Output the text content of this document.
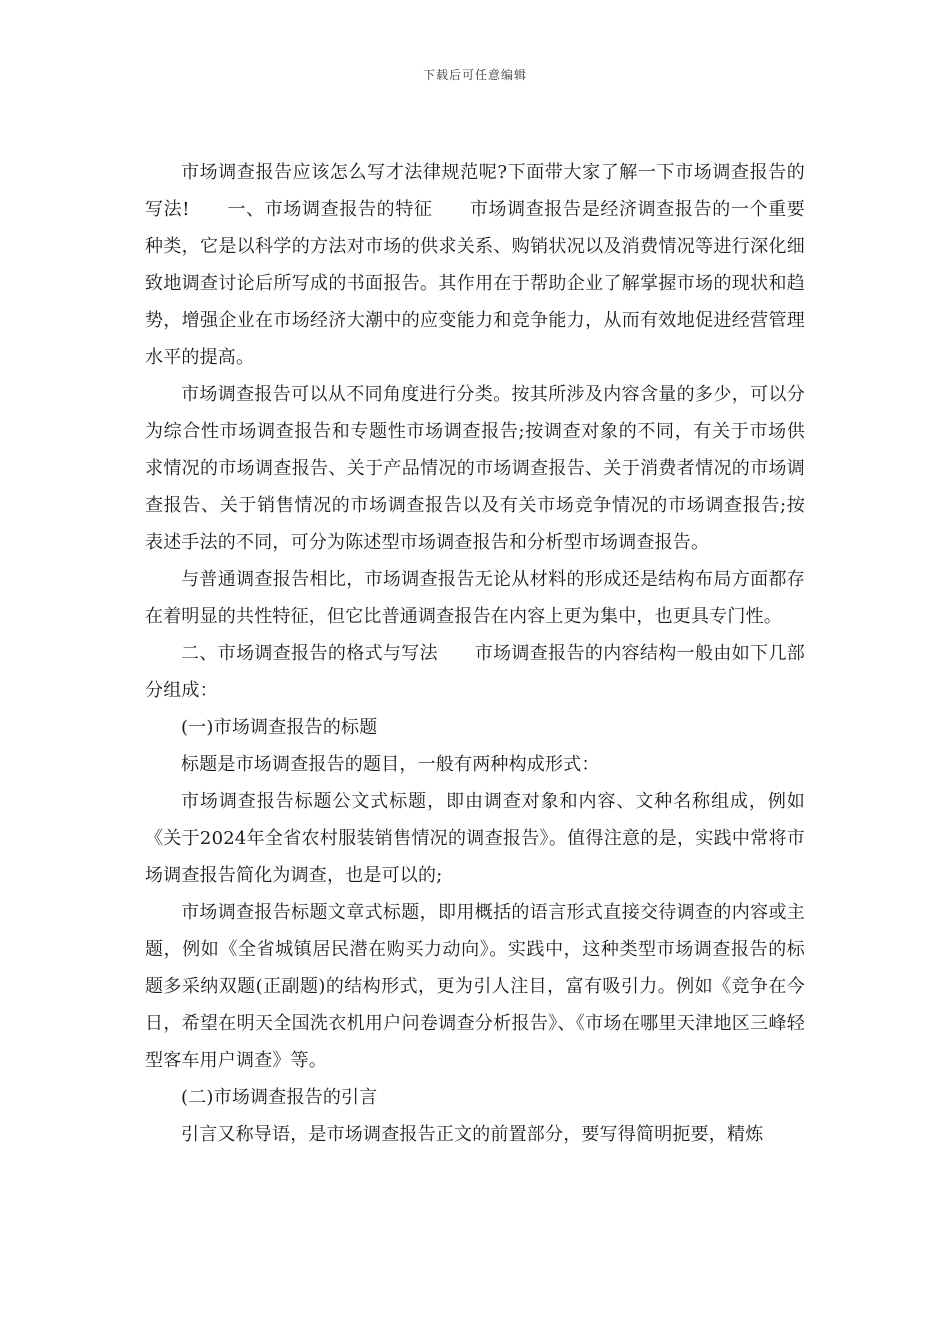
下载后可任意编辑

市场调查报告应该怎么写才法律规范呢?下面带大家了解一下市场调查报告的写法!　　一、市场调查报告的特征　　市场调查报告是经济调查报告的一个重要种类，它是以科学的方法对市场的供求关系、购销状况以及消费情况等进行深化细致地调查讨论后所写成的书面报告。其作用在于帮助企业了解掌握市场的现状和趋势，增强企业在市场经济大潮中的应变能力和竞争能力，从而有效地促进经营管理水平的提高。

市场调查报告可以从不同角度进行分类。按其所涉及内容含量的多少，可以分为综合性市场调查报告和专题性市场调查报告;按调查对象的不同，有关于市场供求情况的市场调查报告、关于产品情况的市场调查报告、关于消费者情况的市场调查报告、关于销售情况的市场调查报告以及有关市场竞争情况的市场调查报告;按表述手法的不同，可分为陈述型市场调查报告和分析型市场调查报告。

与普通调查报告相比，市场调查报告无论从材料的形成还是结构布局方面都存在着明显的共性特征，但它比普通调查报告在内容上更为集中，也更具专门性。

二、市场调查报告的格式与写法　　市场调查报告的内容结构一般由如下几部分组成：

(一)市场调查报告的标题

标题是市场调查报告的题目，一般有两种构成形式：

市场调查报告标题公文式标题，即由调查对象和内容、文种名称组成，例如《关于2024年全省农村服装销售情况的调查报告》。值得注意的是，实践中常将市场调查报告简化为调查，也是可以的;

市场调查报告标题文章式标题，即用概括的语言形式直接交待调查的内容或主题，例如《全省城镇居民潜在购买力动向》。实践中，这种类型市场调查报告的标题多采纳双题(正副题)的结构形式，更为引人注目，富有吸引力。例如《竞争在今日，希望在明天全国洗衣机用户问卷调查分析报告》、《市场在哪里天津地区三峰轻型客车用户调查》等。

(二)市场调查报告的引言

引言又称导语，是市场调查报告正文的前置部分，要写得简明扼要，精炼
